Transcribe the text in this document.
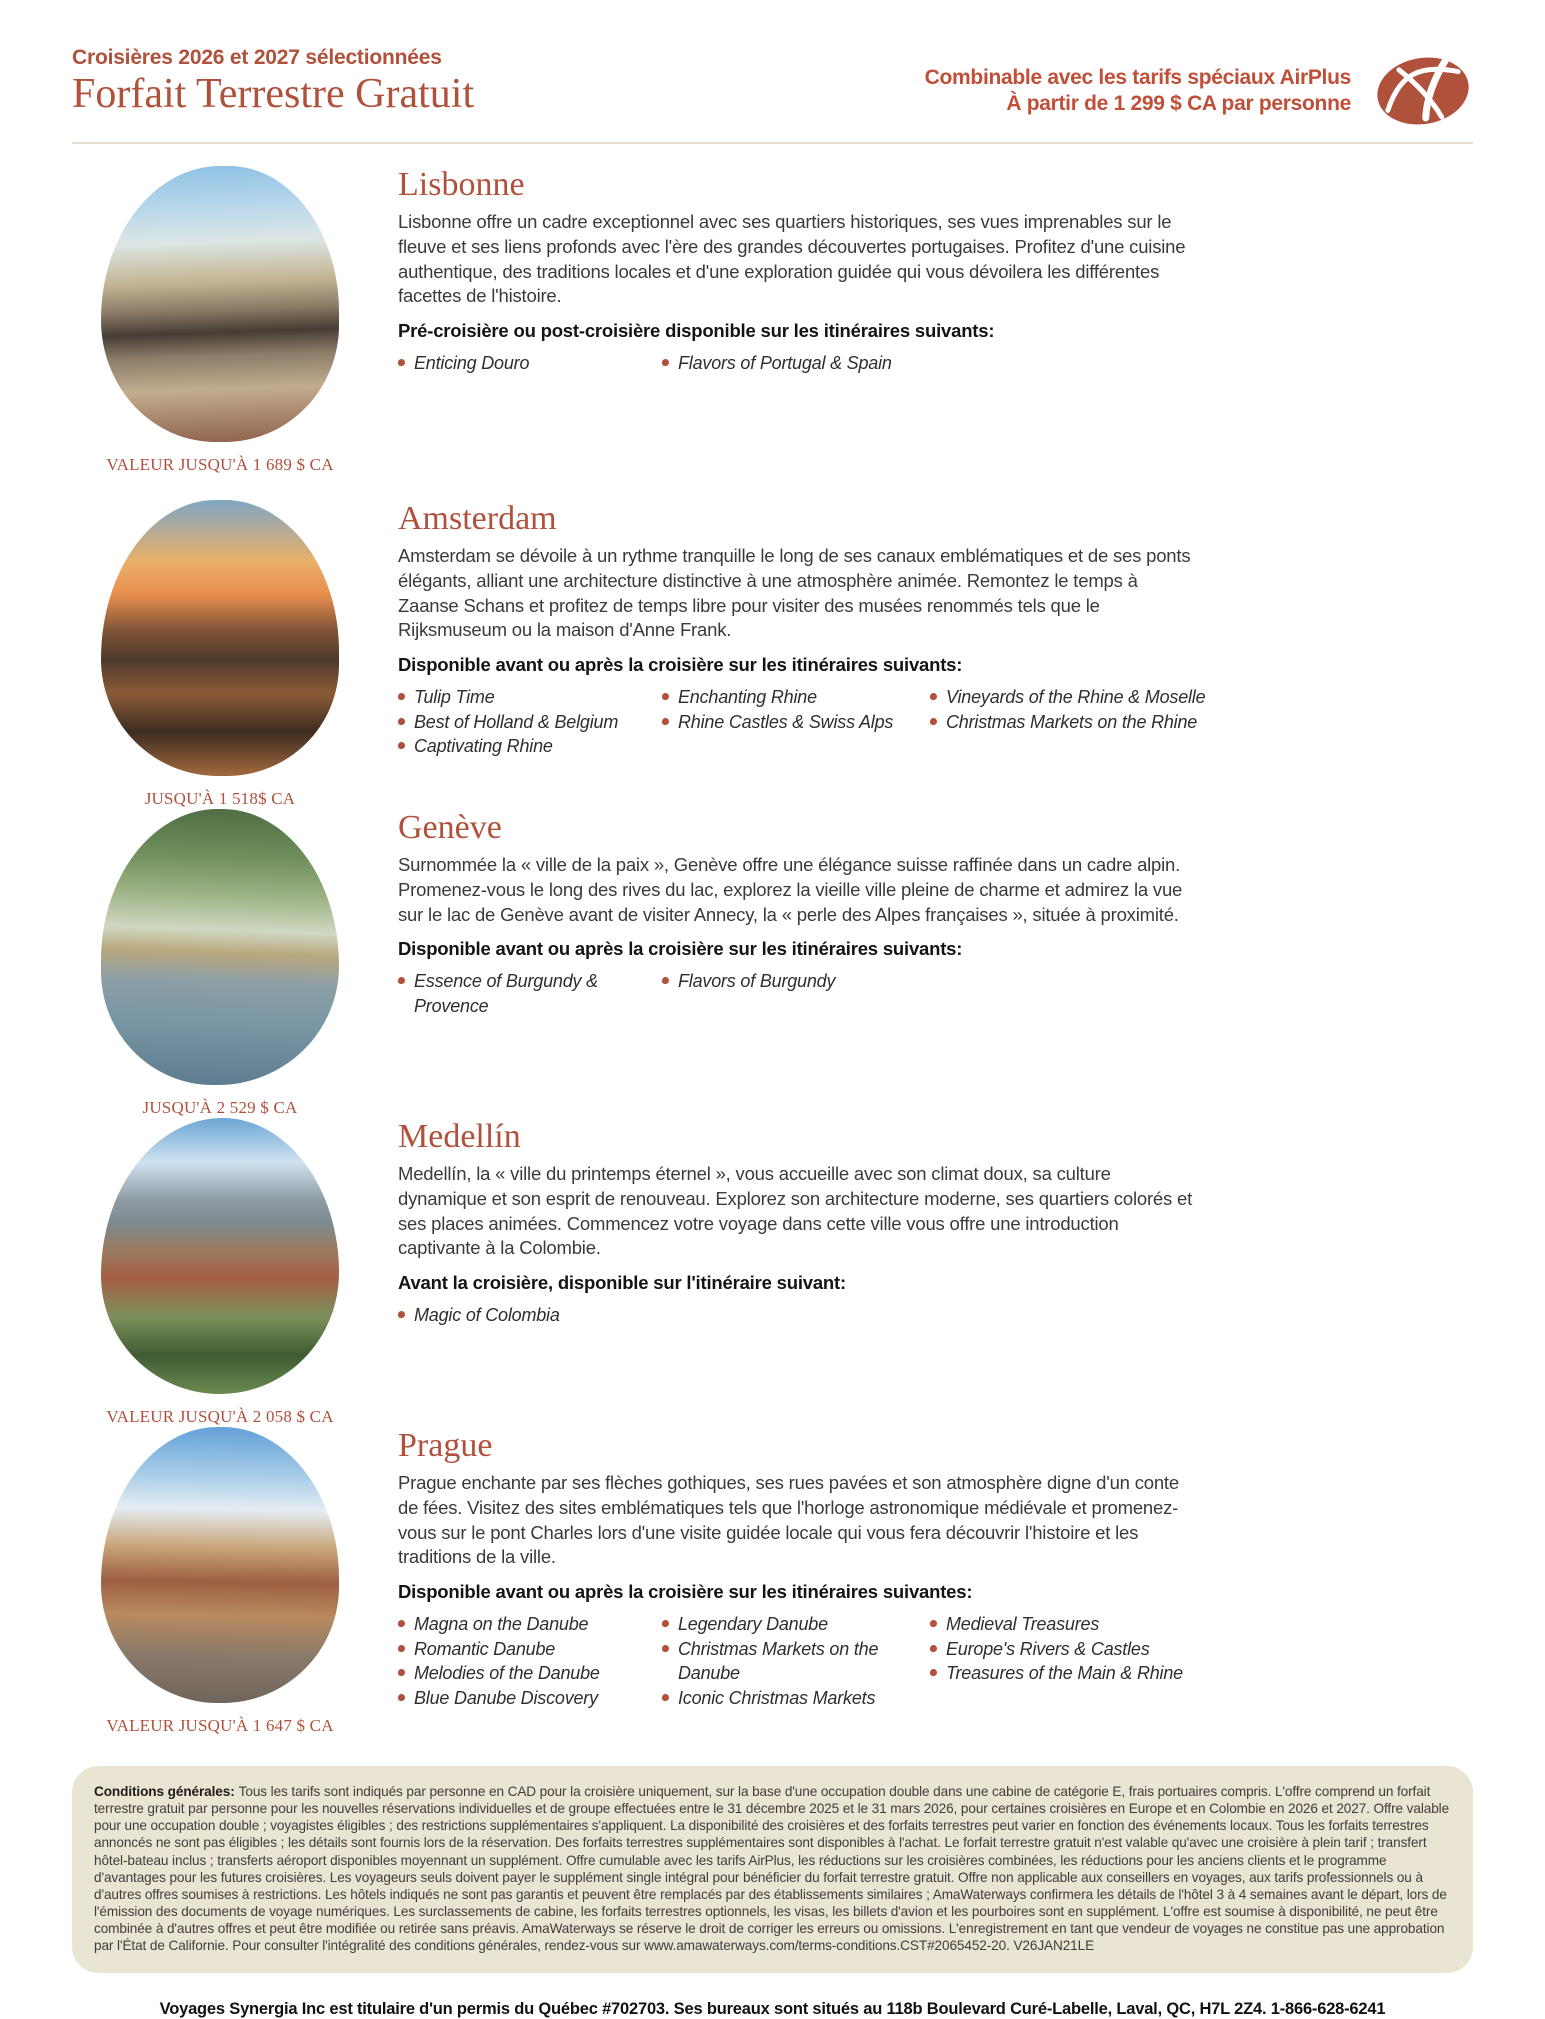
Croisières 2026 et 2027 sélectionnées
Forfait Terrestre Gratuit	Combinable avec les tarifs spéciaux AirPlus
À partir de 1 299 $ CA par personne
VALEUR JUSQU'À 1 689 $ CA
Lisbonne
Lisbonne offre un cadre exceptionnel avec ses quartiers historiques, ses vues imprenables sur le fleuve et ses liens profonds avec l'ère des grandes découvertes portugaises. Profitez d'une cuisine authentique, des traditions locales et d'une exploration guidée qui vous dévoilera les différentes facettes de l'histoire.
Pré-croisière ou post-croisière disponible sur les itinéraires suivants:
Enticing Douro	Flavors of Portugal & Spain
JUSQU'À 1 518$ CA
Amsterdam
Amsterdam se dévoile à un rythme tranquille le long de ses canaux emblématiques et de ses ponts élégants, alliant une architecture distinctive à une atmosphère animée. Remontez le temps à Zaanse Schans et profitez de temps libre pour visiter des musées renommés tels que le Rijksmuseum ou la maison d'Anne Frank.
Disponible avant ou après la croisière sur les itinéraires suivants:
Tulip Time
Best of Holland & Belgium
Captivating Rhine
Enchanting Rhine
Rhine Castles & Swiss Alps
Vineyards of the Rhine & Moselle
Christmas Markets on the Rhine
JUSQU'À 2 529 $ CA
Genève
Surnommée la « ville de la paix », Genève offre une élégance suisse raffinée dans un cadre alpin. Promenez-vous le long des rives du lac, explorez la vieille ville pleine de charme et admirez la vue sur le lac de Genève avant de visiter Annecy, la « perle des Alpes françaises », située à proximité.
Disponible avant ou après la croisière sur les itinéraires suivants:
Essence of Burgundy & Provence
Flavors of Burgundy
VALEUR JUSQU'À 2 058 $ CA
Medellín
Medellín, la « ville du printemps éternel », vous accueille avec son climat doux, sa culture dynamique et son esprit de renouveau. Explorez son architecture moderne, ses quartiers colorés et ses places animées. Commencez votre voyage dans cette ville vous offre une introduction captivante à la Colombie.
Avant la croisière, disponible sur l'itinéraire suivant:
Magic of Colombia
VALEUR JUSQU'À 1 647 $ CA
Prague
Prague enchante par ses flèches gothiques, ses rues pavées et son atmosphère digne d'un conte de fées. Visitez des sites emblématiques tels que l'horloge astronomique médiévale et promenez-vous sur le pont Charles lors d'une visite guidée locale qui vous fera découvrir l'histoire et les traditions de la ville.
Disponible avant ou après la croisière sur les itinéraires suivantes:
Magna on the Danube
Romantic Danube
Melodies of the Danube
Blue Danube Discovery
Legendary Danube
Christmas Markets on the Danube
Iconic Christmas Markets
Medieval Treasures
Europe's Rivers & Castles
Treasures of the Main & Rhine
Conditions générales: Tous les tarifs sont indiqués par personne en CAD pour la croisière uniquement, sur la base d'une occupation double dans une cabine de catégorie E, frais portuaires compris. L'offre comprend un forfait terrestre gratuit par personne pour les nouvelles réservations individuelles et de groupe effectuées entre le 31 décembre 2025 et le 31 mars 2026, pour certaines croisières en Europe et en Colombie en 2026 et 2027. Offre valable pour une occupation double ; voyagistes éligibles ; des restrictions supplémentaires s'appliquent. La disponibilité des croisières et des forfaits terrestres peut varier en fonction des événements locaux. Tous les forfaits terrestres annoncés ne sont pas éligibles ; les détails sont fournis lors de la réservation. Des forfaits terrestres supplémentaires sont disponibles à l'achat. Le forfait terrestre gratuit n'est valable qu'avec une croisière à plein tarif ; transfert hôtel-bateau inclus ; transferts aéroport disponibles moyennant un supplément. Offre cumulable avec les tarifs AirPlus, les réductions sur les croisières combinées, les réductions pour les anciens clients et le programme d'avantages pour les futures croisières. Les voyageurs seuls doivent payer le supplément single intégral pour bénéficier du forfait terrestre gratuit. Offre non applicable aux conseillers en voyages, aux tarifs professionnels ou à d'autres offres soumises à restrictions. Les hôtels indiqués ne sont pas garantis et peuvent être remplacés par des établissements similaires ; AmaWaterways confirmera les détails de l'hôtel 3 à 4 semaines avant le départ, lors de l'émission des documents de voyage numériques. Les surclassements de cabine, les forfaits terrestres optionnels, les visas, les billets d'avion et les pourboires sont en supplément. L'offre est soumise à disponibilité, ne peut être combinée à d'autres offres et peut être modifiée ou retirée sans préavis. AmaWaterways se réserve le droit de corriger les erreurs ou omissions. L'enregistrement en tant que vendeur de voyages ne constitue pas une approbation par l'État de Californie. Pour consulter l'intégralité des conditions générales, rendez-vous sur www.amawaterways.com/terms-conditions.CST#2065452-20. V26JAN21LE
Voyages Synergia Inc est titulaire d'un permis du Québec #702703. Ses bureaux sont situés au 118b Boulevard Curé-Labelle, Laval, QC, H7L 2Z4. 1-866-628-6241
